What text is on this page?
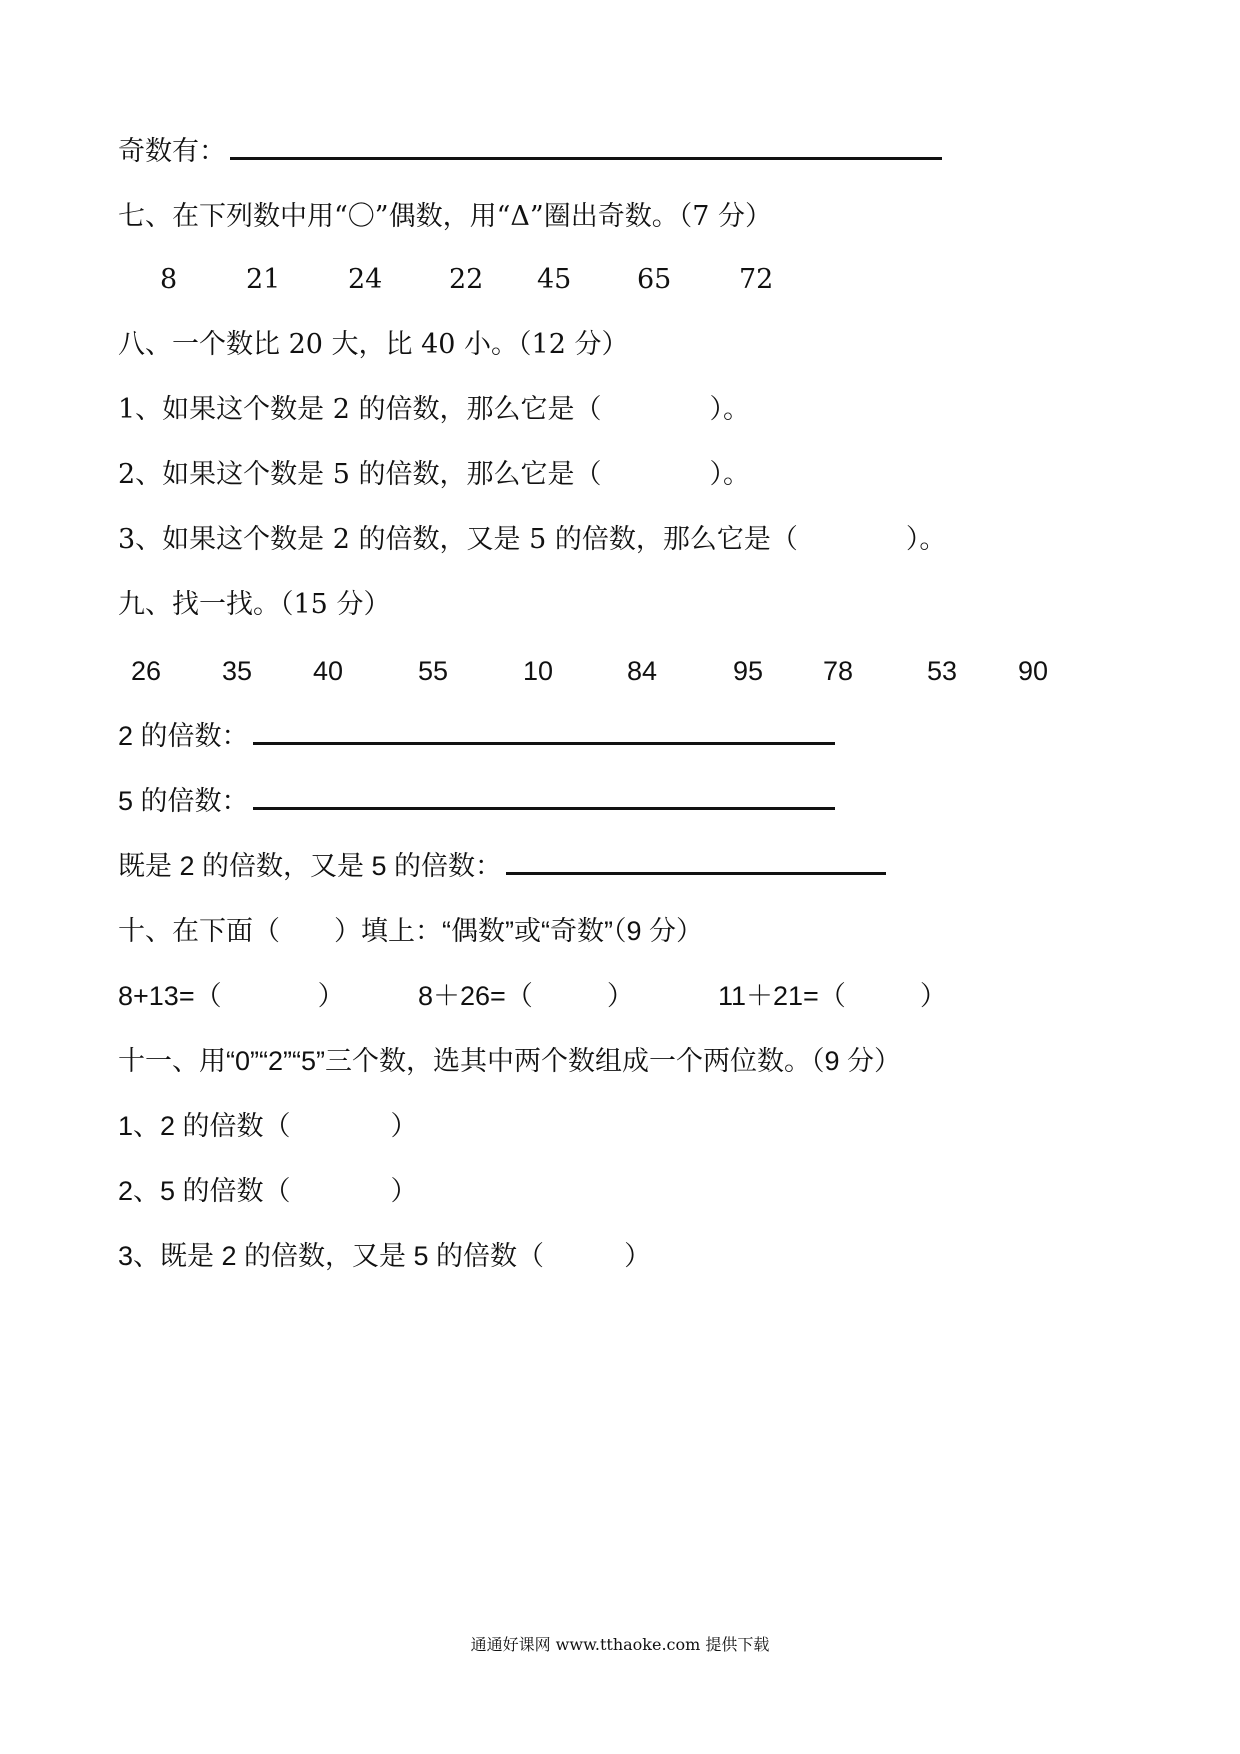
奇数有：
七、在下列数中用“〇”偶数，用“Δ”圈出奇数。（7 分）
8	21	24 22 45 65	72
八、一个数比 20 大，比 40 小。（12 分）
1、如果这个数是 2 的倍数，那么它是（	）。
2、如果这个数是 5 的倍数，那么它是（	）。
3、如果这个数是 2 的倍数，又是 5 的倍数，那么它是（	）。
九、找一找。（15 分）
26 35 40	55	10	84	95 78	53 90
2 的倍数：
5 的倍数：
既是 2 的倍数，又是 5 的倍数：
十、在下面（　　）填上：“偶数”或“奇数”（9 分）
8+13=（	）	8＋26=（	）	11＋21=（	）
十一、用“0”“2”“5”三个数，选其中两个数组成一个两位数。（9 分）
1、2 的倍数（	）
2、5 的倍数（	）
3、既是 2 的倍数，又是 5 的倍数（	）
通通好课网 www.tthaoke.com 提供下载
